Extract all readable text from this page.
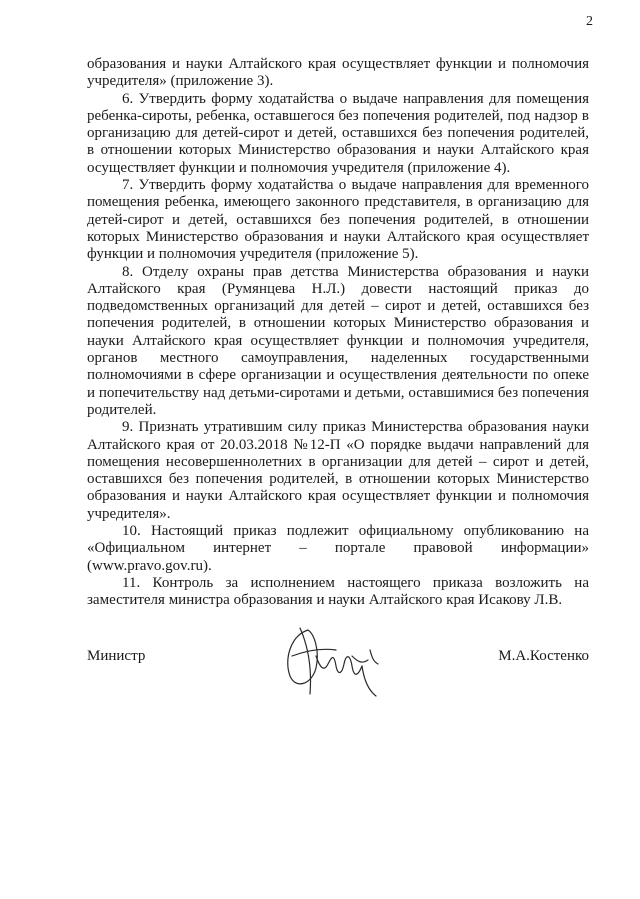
2

образования и науки Алтайского края осуществляет функции и полномочия учредителя» (приложение 3).

6. Утвердить форму ходатайства о выдаче направления для помещения ребенка-сироты, ребенка, оставшегося без попечения родителей, под надзор в организацию для детей-сирот и детей, оставшихся без попечения родителей, в отношении которых Министерство образования и науки Алтайского края осуществляет функции и полномочия учредителя (приложение 4).

7. Утвердить форму ходатайства о выдаче направления для временного помещения ребенка, имеющего законного представителя, в организацию для детей-сирот и детей, оставшихся без попечения родителей, в отношении которых Министерство образования и науки Алтайского края осуществляет функции и полномочия учредителя (приложение 5).

8. Отделу охраны прав детства Министерства образования и науки Алтайского края (Румянцева Н.Л.) довести настоящий приказ до подведомственных организаций для детей – сирот и детей, оставшихся без попечения родителей, в отношении которых Министерство образования и науки Алтайского края осуществляет функции и полномочия учредителя, органов местного самоуправления, наделенных государственными полномочиями в сфере организации и осуществления деятельности по опеке и попечительству над детьми-сиротами и детьми, оставшимися без попечения родителей.

9. Признать утратившим силу приказ Министерства образования науки Алтайского края от 20.03.2018 №12-П «О порядке выдачи направлений для помещения несовершеннолетних в организации для детей – сирот и детей, оставшихся без попечения родителей, в отношении которых Министерство образования и науки Алтайского края осуществляет функции и полномочия учредителя».

10. Настоящий приказ подлежит официальному опубликованию на «Официальном интернет – портале правовой информации» (www.pravo.gov.ru).

11. Контроль за исполнением настоящего приказа возложить на заместителя министра образования и науки Алтайского края Исакову Л.В.

Министр	М.А.Костенко
